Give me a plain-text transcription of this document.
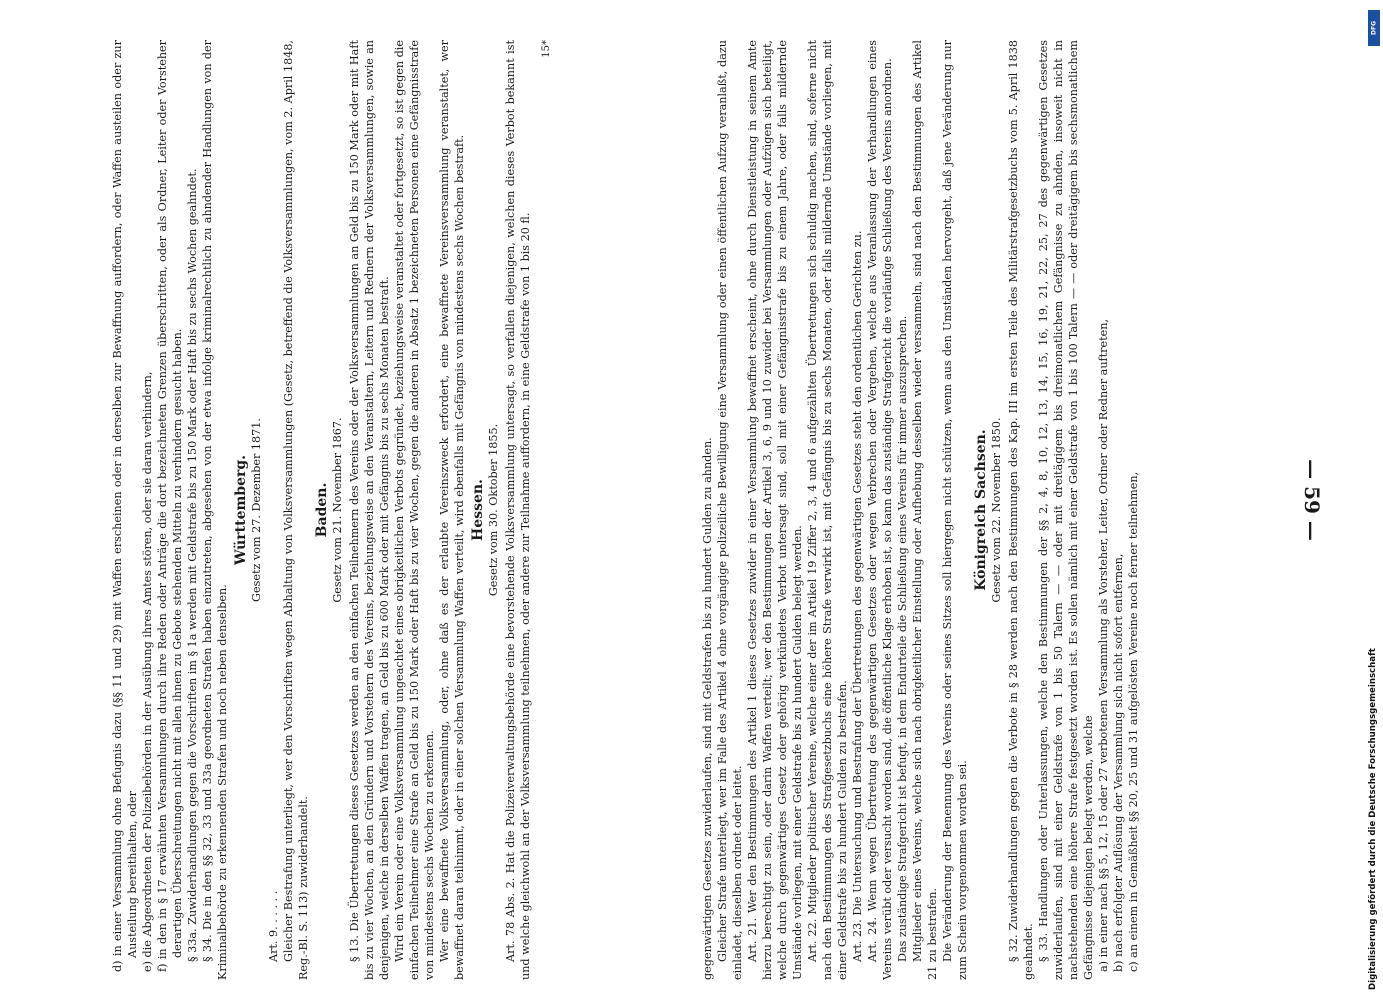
— 59 —

gegenwärtigen Gesetzes zuwiderlaufen, sind mit Geldstrafen bis zu hundert Gulden zu ahnden. Gleicher Strafe unterliegt, wer im Falle des Artikel 4 ohne vorgängige polizeiliche Bewilligung eine Versammlung oder einen öffentlichen Aufzug veranlaßt, dazu einladet, dieselben ordnet oder leitet. Art. 21. Wer den Bestimmungen des Artikel 1 dieses Gesetzes zuwider in einer Versammlung bewaffnet erscheint, ohne durch Dienstleistung in seinem Amte hierzu berechtigt zu sein, oder darin Waffen verteilt; wer den Bestimmungen der Artikel 3, 6, 9 und 10 zuwider bei Versammlungen oder Aufzügen sich beteiligt, welche durch gegenwärtiges Gesetz oder gehörig verkündetes Verbot untersagt sind, soll mit einer Gefängnisstrafe bis zu einem Jahre, oder falls mildernde Umstände vorliegen, mit einer Geldstrafe bis zu hundert Gulden belegt werden. Art. 22. Mitglieder politischer Vereine, welche einer der im Artikel 19 Ziffer 2, 3, 4 und 6 aufgezählten Übertretungen sich schuldig machen, sind, soferne nicht nach den Bestimmungen des Strafgesetzbuchs eine höhere Strafe verwirkt ist, mit Gefängnis bis zu sechs Monaten, oder falls mildernde Umstände vorliegen, mit einer Geldstrafe bis zu hundert Gulden zu bestrafen. Art. 23. Die Untersuchung und Bestrafung der Übertretungen des gegenwärtigen Gesetzes steht den ordentlichen Gerichten zu. Art. 24. Wenn wegen Übertretung des gegenwärtigen Gesetzes oder wegen Verbrechen oder Vergehen, welche aus Veranlassung der Verhandlungen eines Vereins verübt oder versucht worden sind, die öffentliche Klage erhoben ist, so kann das zuständige Strafgericht die vorläufige Schließung des Vereins anordnen. Das zuständige Strafgericht ist befugt, in dem Endurteile die Schließung eines Vereins für immer auszusprechen. Mitglieder eines Vereins, welche sich nach obrigkeitlicher Einstellung oder Aufhebung desselben wieder versammeln, sind nach den Bestimmungen des Artikel 21 zu bestrafen. Die Veränderung der Benennung des Vereins oder seines Sitzes soll hiergegen nicht schützen, wenn aus den Umständen hervorgeht, daß jene Veränderung nur zum Schein vorgenommen worden sei.

Königreich Sachsen. Gesetz vom 22. November 1850. § 32. Zuwiderhandlungen gegen die Verbote in § 28 werden nach den Bestimmungen des Kap. III im ersten Teile des Militärstrafgesetzbuchs vom 5. April 1838 geahndet. § 33. Handlungen oder Unterlassungen, welche den Bestimmungen der §§ 2, 4, 8, 10, 12, 13, 14, 15, 16, 19, 21, 22, 25, 27 des gegenwärtigen Gesetzes zuwiderlaufen, sind mit einer Geldstrafe von 1 bis 50 Talern — — oder mit dreitägigem bis dreimonatlichem Gefängnisse zu ahnden, insoweit nicht in nachstehenden eine höhere Strafe festgesetzt worden ist. Es sollen nämlich mit einer Geldstrafe von 1 bis 100 Talern — — oder dreitägigem bis sechsmonatlichem Gefängnisse diejenigen belegt werden, welche a) in einer nach §§ 5, 12, 15 oder 27 verbotenen Versammlung als Vorsteher, Leiter, Ordner oder Redner auftreten, b) nach erfolgter Auflösung der Versammlung sich nicht sofort entfernen, c) an einem in Gemäßheit §§ 20, 25 und 31 aufgelösten Vereine noch ferner teilnehmen,

d) in einer Versammlung ohne Befugnis dazu (§§ 11 und 29) mit Waffen erscheinen oder in derselben zur Bewaffnung auffordern, oder Waffen austeilen oder zur Austeilung bereithalten, oder e) die Abgeordneten der Polizeibehörden in der Ausübung ihres Amtes stören, oder sie daran verhindern, f) in den in § 17 erwähnten Versammlungen durch ihre Reden oder Anträge die dort bezeichneten Grenzen überschritten, oder als Ordner, Leiter oder Vorsteher derartigen Überschreitungen nicht mit allen ihnen zu Gebote stehenden Mitteln zu verhindern gesucht haben. § 33a. Zuwiderhandlungen gegen die Vorschriften im § 1a werden mit Geldstrafe bis zu 150 Mark oder Haft bis zu sechs Wochen geahndet. § 34. Die in den §§ 32, 33 und 33a geordneten Strafen haben einzutreten, abgesehen von der etwa infolge kriminalrechtlich zu ahndender Handlungen von der Kriminalbehörde zu erkennenden Strafen und noch neben denselben.

Württemberg. Gesetz vom 27. Dezember 1871.

Art. 9. . . . . . Gleicher Bestrafung unterliegt, wer den Vorschriften wegen Abhaltung von Volksversammlungen (Gesetz, betreffend die Volksversammlungen, vom 2. April 1848, Reg.-Bl. S. 113) zuwiderhandelt.

Baden. Gesetz vom 21. November 1867. § 13. Die Übertretungen dieses Gesetzes werden an den einfachen Teilnehmern des Vereins oder der Volksversammlungen an Geld bis zu 150 Mark oder mit Haft bis zu vier Wochen, an den Gründern und Vorstehern des Vereins, beziehungsweise an den Veranstaltern, Leitern und Rednern der Volksversammlungen, sowie an denjenigen, welche in derselben Waffen tragen, an Geld bis zu 600 Mark oder mit Gefängnis bis zu sechs Monaten bestraft. Wird ein Verein oder eine Volksversammlung ungeachtet eines obrigkeitlichen Verbots gegründet, beziehungsweise veranstaltet oder fortgesetzt, so ist gegen die einfachen Teilnehmer eine Strafe an Geld bis zu 150 Mark oder Haft bis zu vier Wochen, gegen die anderen in Absatz 1 bezeichneten Personen eine Gefängnisstrafe von mindestens sechs Wochen zu erkennen. Wer eine bewaffnete Volksversammlung, oder, ohne daß es der erlaubte Vereinszweck erfordert, eine bewaffnete Vereinsversammlung veranstaltet, wer bewaffnet daran teilnimmt, oder in einer solchen Versammlung Waffen verteilt, wird ebenfalls mit Gefängnis von mindestens sechs Wochen bestraft. Hessen. Gesetz vom 30. Oktober 1855. Art. 78 Abs. 2. Hat die Polizeiverwaltungsbehörde eine bevorstehende Volksversammlung untersagt, so verfallen diejenigen, welchen dieses Verbot bekannt ist und welche gleichwohl an der Volksversammlung teilnehmen, oder andere zur Teilnahme auffordern, in eine Geldstrafe von 1 bis 20 fl.

15*
DFG
Digitalisierung gefördert durch die Deutsche Forschungsgemeinschaft
